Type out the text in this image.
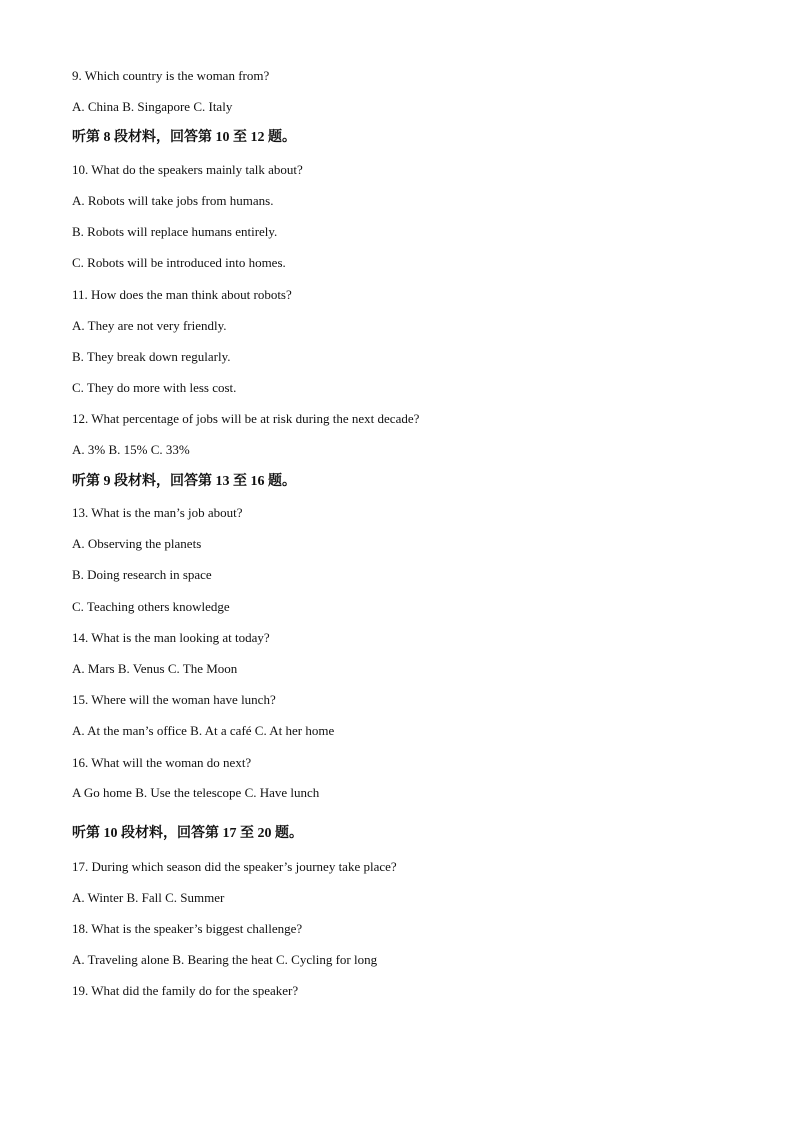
9. Which country is the woman from?
A. China B. Singapore C. Italy
听第 8 段材料，回答第 10 至 12 题。
10. What do the speakers mainly talk about?
A. Robots will take jobs from humans.
B. Robots will replace humans entirely.
C. Robots will be introduced into homes.
11. How does the man think about robots?
A. They are not very friendly.
B. They break down regularly.
C. They do more with less cost.
12. What percentage of jobs will be at risk during the next decade?
A. 3% B. 15% C. 33%
听第 9 段材料，回答第 13 至 16 题。
13. What is the man’s job about?
A. Observing the planets
B. Doing research in space
C. Teaching others knowledge
14. What is the man looking at today?
A. Mars B. Venus C. The Moon
15. Where will the woman have lunch?
A. At the man’s office B. At a café C. At her home
16. What will the woman do next?
A Go home B. Use the telescope C. Have lunch
听第 10 段材料，回答第 17 至 20 题。
17. During which season did the speaker’s journey take place?
A. Winter B. Fall C. Summer
18. What is the speaker’s biggest challenge?
A. Traveling alone B. Bearing the heat C. Cycling for long
19. What did the family do for the speaker?
